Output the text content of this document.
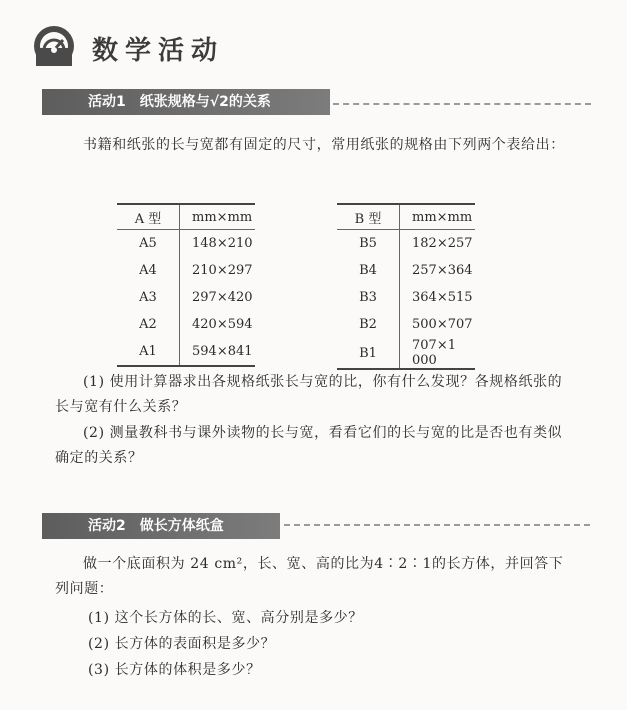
数学活动
活动1　纸张规格与√2的关系

书籍和纸张的长与宽都有固定的尺寸，常用纸张的规格由下列两个表给出：

A 型	mm×mm
A5	148×210
A4	210×297
A3	297×420
A2	420×594
A1	594×841
B 型	mm×mm
B5	182×257
B4	257×364
B3	364×515
B2	500×707
B1	707×1 000

(1) 使用计算器求出各规格纸张长与宽的比，你有什么发现？各规格纸张的长与宽有什么关系？

(2) 测量教科书与课外读物的长与宽，看看它们的长与宽的比是否也有类似确定的关系？

活动2　做长方体纸盒

做一个底面积为 24 cm²，长、宽、高的比为4∶2∶1的长方体，并回答下列问题：

(1) 这个长方体的长、宽、高分别是多少？

(2) 长方体的表面积是多少？

(3) 长方体的体积是多少？
